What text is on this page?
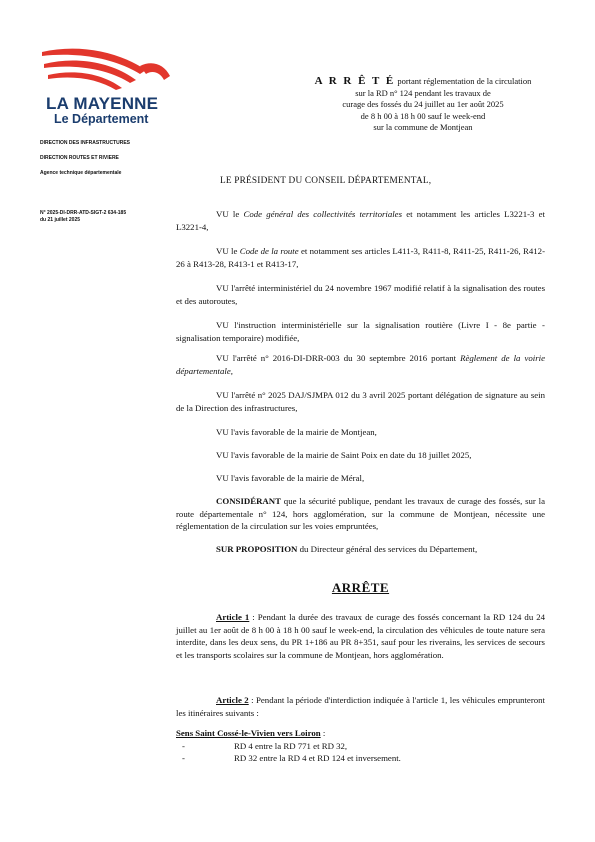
LA MAYENNE
Le Département
DIRECTION DES INFRASTRUCTURES
DIRECTION ROUTES ET RIVIERE
Agence technique départementale
N° 2025-DI-DRR-ATD-SIGT-2 634-185
du 21 juillet 2025
A R R Ê T É portant réglementation de la circulation
sur la RD n° 124 pendant les travaux de
curage des fossés du 24 juillet au 1er août 2025
de 8 h 00 à 18 h 00 sauf le week-end
sur la commune de Montjean
LE PRÉSIDENT DU CONSEIL DÉPARTEMENTAL,
VU le Code général des collectivités territoriales et notamment les articles L3221-3 et L3221-4,
VU le Code de la route et notamment ses articles L411-3, R411-8, R411-25, R411-26, R412-26 à R413-28, R413-1 et R413-17,
VU l'arrêté interministériel du 24 novembre 1967 modifié relatif à la signalisation des routes et des autoroutes,
VU l'instruction interministérielle sur la signalisation routière (Livre I - 8e partie - signalisation temporaire) modifiée,
VU l'arrêté n° 2016-DI-DRR-003 du 30 septembre 2016 portant Règlement de la voirie départementale,
VU l'arrêté n° 2025 DAJ/SJMPA 012 du 3 avril 2025 portant délégation de signature au sein de la Direction des infrastructures,
VU l'avis favorable de la mairie de Montjean,
VU l'avis favorable de la mairie de Saint Poix en date du 18 juillet 2025,
VU l'avis favorable de la mairie de Méral,
CONSIDÉRANT que la sécurité publique, pendant les travaux de curage des fossés, sur la route départementale n° 124, hors agglomération, sur la commune de Montjean, nécessite une réglementation de la circulation sur les voies empruntées,
SUR PROPOSITION du Directeur général des services du Département,
ARRÊTE
Article 1 : Pendant la durée des travaux de curage des fossés concernant la RD 124 du 24 juillet au 1er août de 8 h 00 à 18 h 00 sauf le week-end, la circulation des véhicules de toute nature sera interdite, dans les deux sens, du PR 1+186 au PR 8+351, sauf pour les riverains, les services de secours et les transports scolaires sur la commune de Montjean, hors agglomération.
Article 2 : Pendant la période d'interdiction indiquée à l'article 1, les véhicules emprunteront les itinéraires suivants :
Sens Saint Cossé-le-Vivien vers Loiron :
-	RD 4 entre la RD 771 et RD 32,
-	RD 32 entre la RD 4 et RD 124 et inversement.
